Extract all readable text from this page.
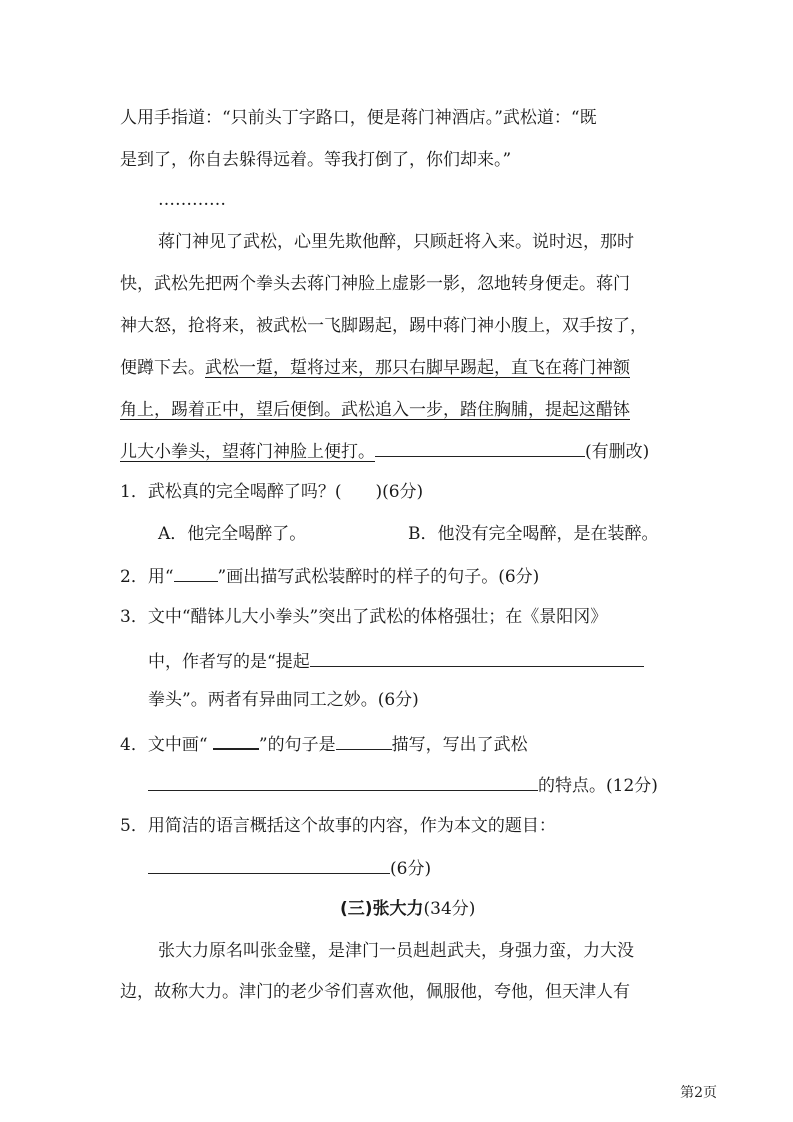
人用手指道：“只前头丁字路口，便是蒋门神酒店。”武松道：“既
是到了，你自去躲得远着。等我打倒了，你们却来。”
…………
蒋门神见了武松，心里先欺他醉，只顾赶将入来。说时迟，那时
快，武松先把两个拳头去蒋门神脸上虚影一影，忽地转身便走。蒋门
神大怒，抢将来，被武松一飞脚踢起，踢中蒋门神小腹上，双手按了，
便蹲下去。武松一踅，踅将过来，那只右脚早踢起，直飞在蒋门神额
角上，踢着正中，望后便倒。武松追入一步，踏住胸脯，提起这醋钵
儿大小拳头，望蒋门神脸上便打。	(有删改)
1．武松真的完全喝醉了吗？(　　)(6分)
A．他完全喝醉了。	B．他没有完全喝醉，是在装醉。
2．用“	”画出描写武松装醉时的样子的句子。(6分)
3．文中“醋钵儿大小拳头”突出了武松的体格强壮；在《景阳冈》
中，作者写的是“提起
拳头”。两者有异曲同工之妙。(6分)
4．文中画“	”的句子是	描写，写出了武松
的特点。(12分)
5．用简洁的语言概括这个故事的内容，作为本文的题目：
(6分)
(三)张大力(34分)
张大力原名叫张金璧，是津门一员赳赳武夫，身强力蛮，力大没
边，故称大力。津门的老少爷们喜欢他，佩服他，夸他，但天津人有
第2页
